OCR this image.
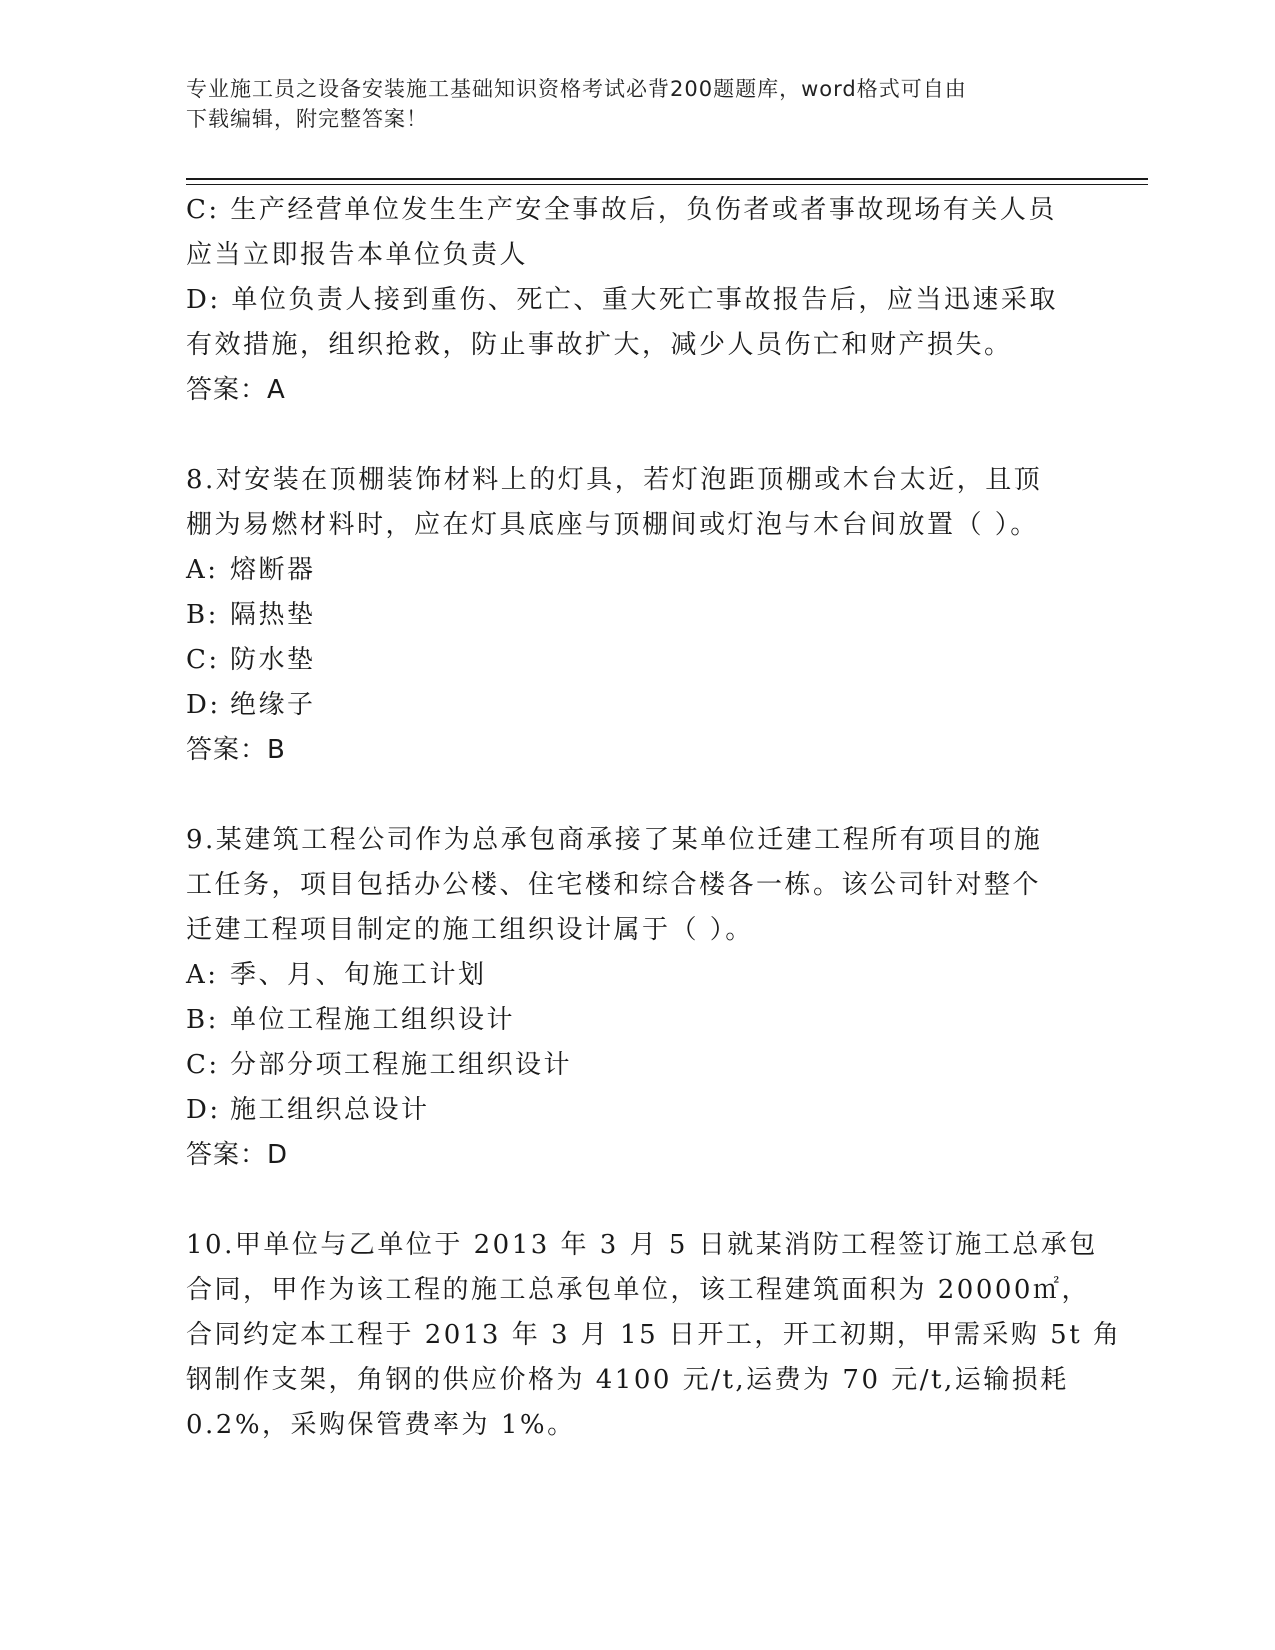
专业施工员之设备安装施工基础知识资格考试必背200题题库，word格式可自由
下载编辑，附完整答案！
C: 生产经营单位发生生产安全事故后，负伤者或者事故现场有关人员
应当立即报告本单位负责人
D: 单位负责人接到重伤、死亡、重大死亡事故报告后，应当迅速采取
有效措施，组织抢救，防止事故扩大，减少人员伤亡和财产损失。
答案：A
8.对安装在顶棚装饰材料上的灯具，若灯泡距顶棚或木台太近，且顶
棚为易燃材料时，应在灯具底座与顶棚间或灯泡与木台间放置（ ）。
A: 熔断器
B: 隔热垫
C: 防水垫
D: 绝缘子
答案：B
9.某建筑工程公司作为总承包商承接了某单位迁建工程所有项目的施
工任务，项目包括办公楼、住宅楼和综合楼各一栋。该公司针对整个
迁建工程项目制定的施工组织设计属于（ ）。
A: 季、月、旬施工计划
B: 单位工程施工组织设计
C: 分部分项工程施工组织设计
D: 施工组织总设计
答案：D
10.甲单位与乙单位于 2013 年 3 月 5 日就某消防工程签订施工总承包
合同，甲作为该工程的施工总承包单位，该工程建筑面积为 20000㎡，
合同约定本工程于 2013 年 3 月 15 日开工，开工初期，甲需采购 5t 角
钢制作支架，角钢的供应价格为 4100 元/t,运费为 70 元/t,运输损耗
0.2%，采购保管费率为 1%。
